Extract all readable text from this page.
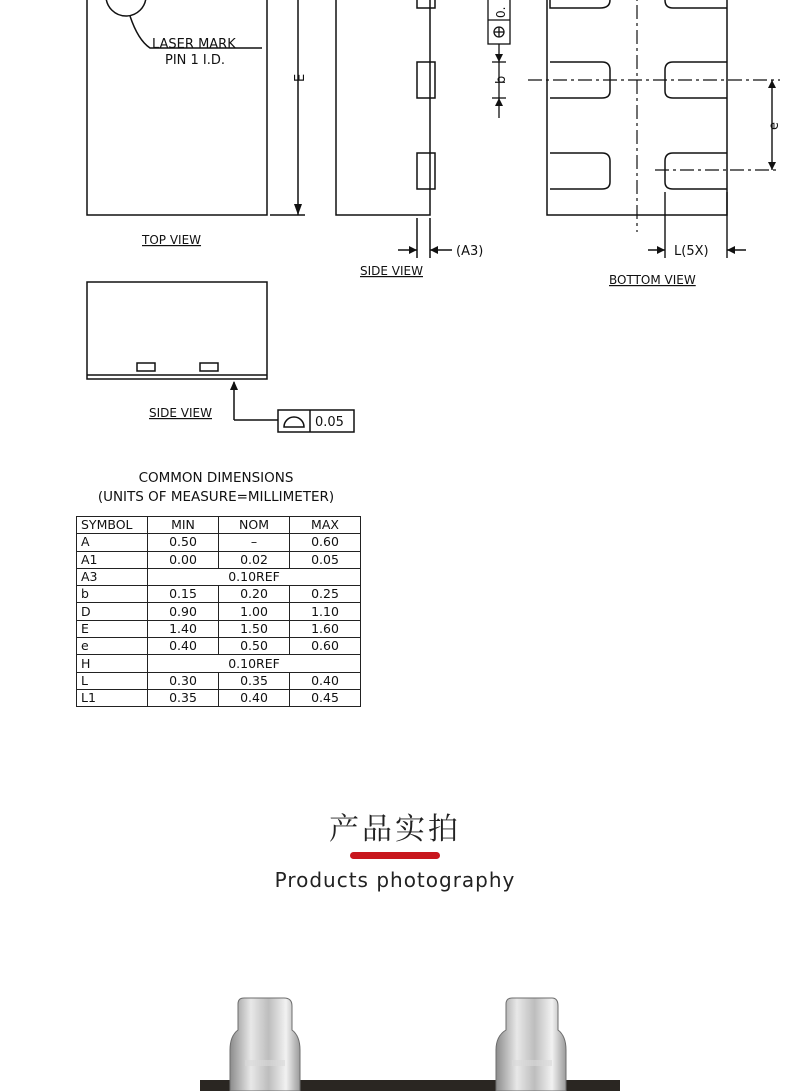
LASER MARK
PIN 1 I.D.
E
TOP VIEW
(A3)
SIDE VIEW
0.
b
e
L(5X)
BOTTOM VIEW
SIDE VIEW
0.05
COMMON DIMENSIONS
(UNITS OF MEASURE=MILLIMETER)
SYMBOL	MIN	NOM	MAX
A	0.50	–	0.60
A1	0.00	0.02	0.05
A3	0.10REF		
b	0.15	0.20	0.25
D	0.90	1.00	1.10
E	1.40	1.50	1.60
e	0.40	0.50	0.60
H	0.10REF		
L	0.30	0.35	0.40
L1	0.35	0.40	0.45
产品实拍
Products photography
